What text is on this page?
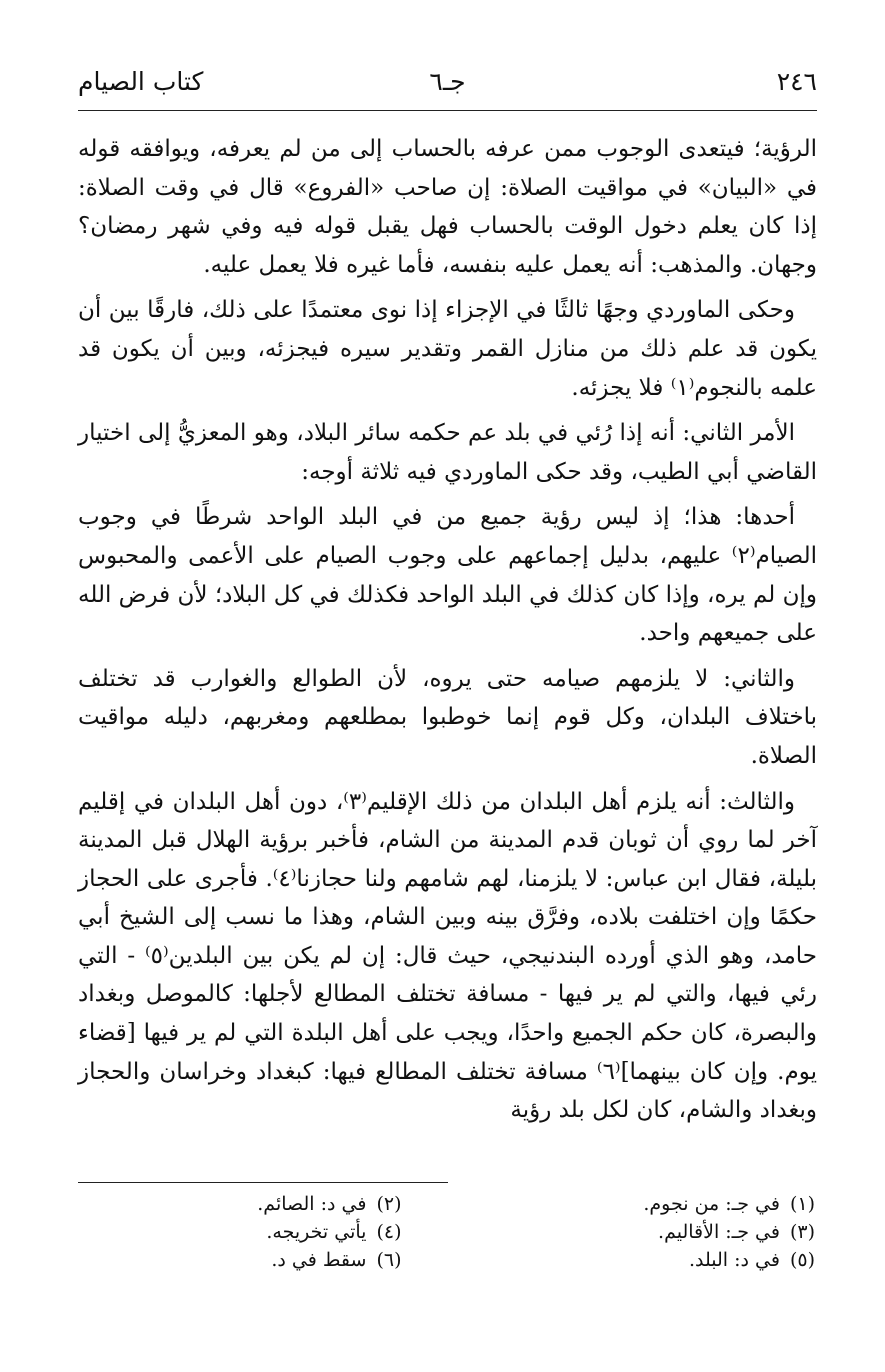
٢٤٦
جـ٦
كتاب الصيام

الرؤية؛ فيتعدى الوجوب ممن عرفه بالحساب إلى من لم يعرفه، ويوافقه قوله في «البيان» في مواقيت الصلاة: إن صاحب «الفروع» قال في وقت الصلاة: إذا كان يعلم دخول الوقت بالحساب فهل يقبل قوله فيه وفي شهر رمضان؟ وجهان. والمذهب: أنه يعمل عليه بنفسه، فأما غيره فلا يعمل عليه.

وحكى الماوردي وجهًا ثالثًا في الإجزاء إذا نوى معتمدًا على ذلك، فارقًا بين أن يكون قد علم ذلك من منازل القمر وتقدير سيره فيجزئه، وبين أن يكون قد علمه بالنجوم⁽١⁾ فلا يجزئه.

الأمر الثاني: أنه إذا رُئي في بلد عم حكمه سائر البلاد، وهو المعزيُّ إلى اختيار القاضي أبي الطيب، وقد حكى الماوردي فيه ثلاثة أوجه:

أحدها: هذا؛ إذ ليس رؤية جميع من في البلد الواحد شرطًا في وجوب الصيام⁽٢⁾ عليهم، بدليل إجماعهم على وجوب الصيام على الأعمى والمحبوس وإن لم يره، وإذا كان كذلك في البلد الواحد فكذلك في كل البلاد؛ لأن فرض الله على جميعهم واحد.

والثاني: لا يلزمهم صيامه حتى يروه، لأن الطوالع والغوارب قد تختلف باختلاف البلدان، وكل قوم إنما خوطبوا بمطلعهم ومغربهم، دليله مواقيت الصلاة.

والثالث: أنه يلزم أهل البلدان من ذلك الإقليم⁽٣⁾، دون أهل البلدان في إقليم آخر لما روي أن ثوبان قدم المدينة من الشام، فأخبر برؤية الهلال قبل المدينة بليلة، فقال ابن عباس: لا يلزمنا، لهم شامهم ولنا حجازنا⁽٤⁾. فأجرى على الحجاز حكمًا وإن اختلفت بلاده، وفرَّق بينه وبين الشام، وهذا ما نسب إلى الشيخ أبي حامد، وهو الذي أورده البندنيجي، حيث قال: إن لم يكن بين البلدين⁽٥⁾ - التي رئي فيها، والتي لم ير فيها - مسافة تختلف المطالع لأجلها: كالموصل وبغداد والبصرة، كان حكم الجميع واحدًا، ويجب على أهل البلدة التي لم ير فيها [قضاء يوم. وإن كان بينهما]⁽٦⁾ مسافة تختلف المطالع فيها: كبغداد وخراسان والحجاز وبغداد والشام، كان لكل بلد رؤية

(١)في جـ: من نجوم.
(٢)في د: الصائم.
(٣)في جـ: الأقاليم.
(٤)يأتي تخريجه.
(٥)في د: البلد.
(٦)سقط في د.
